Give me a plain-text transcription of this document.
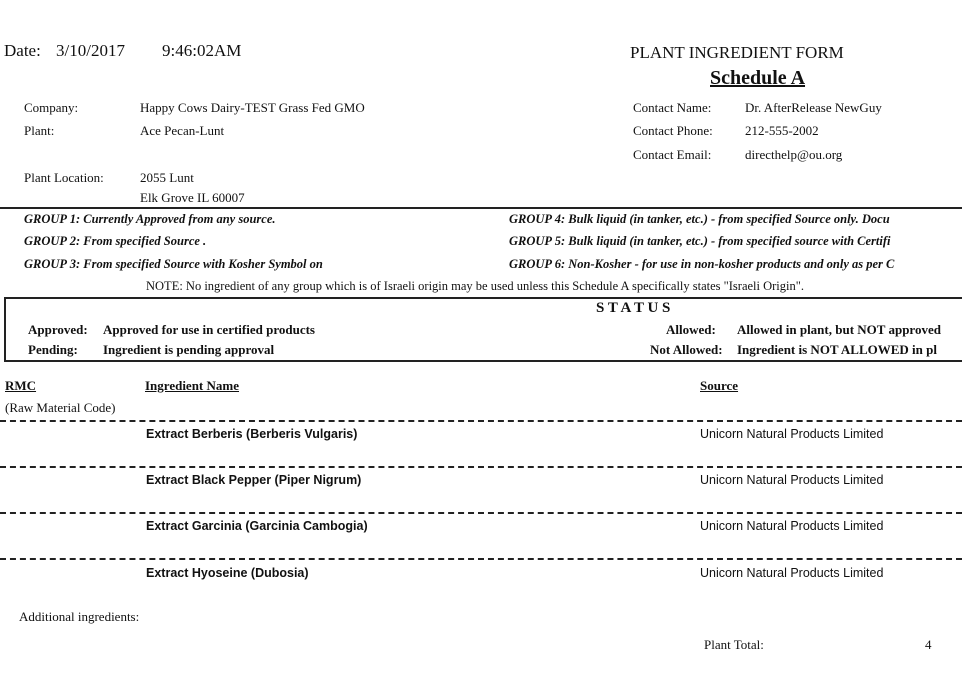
Date: 3/10/2017 9:46:02AM	PLANT INGREDIENT FORM
Schedule A
Company:	Happy Cows Dairy-TEST Grass Fed GMO
Plant:	Ace Pecan-Lunt
Plant Location:	2055 Lunt
Elk Grove IL 60007
Contact Name:	Dr. AfterRelease NewGuy
Contact Phone: 212-555-2002
Contact Email:	directhelp@ou.org
GROUP 1: Currently Approved from any source.
GROUP 2: From specified Source .
GROUP 3: From specified Source with Kosher Symbol on
GROUP 4: Bulk liquid (in tanker, etc.) - from specified Source only. Docu
GROUP 5: Bulk liquid (in tanker, etc.) - from specified source with Certifi
GROUP 6: Non-Kosher - for use in non-kosher products and only as per C
NOTE: No ingredient of any group which is of Israeli origin may be used unless this Schedule A specifically states "Israeli Origin".
S T A T U S
Approved: Approved for use in certified products
Pending: Ingredient is pending approval
Allowed: Allowed in plant, but NOT approved
Not Allowed: Ingredient is NOT ALLOWED in pl
RMC
(Raw Material Code)
Ingredient Name	Source
Extract Berberis (Berberis Vulgaris)	Unicorn Natural Products Limited
Extract Black Pepper (Piper Nigrum)	Unicorn Natural Products Limited
Extract Garcinia (Garcinia Cambogia)	Unicorn Natural Products Limited
Extract Hyoseine (Dubosia)	Unicorn Natural Products Limited
Additional ingredients:
Plant Total:	4
